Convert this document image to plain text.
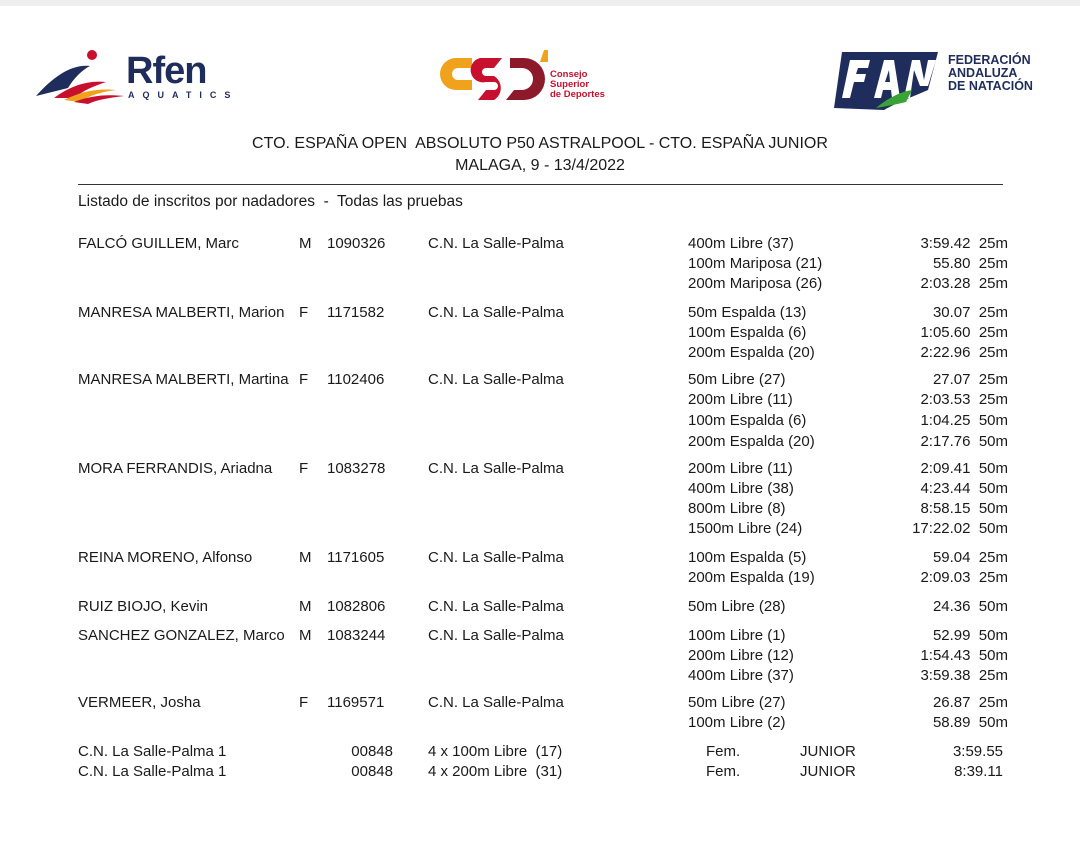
Rfen
AQUATICS
Consejo
Superior
de Deportes
FEDERACIÓN
ANDALUZA
DE NATACIÓN
CTO. ESPAÑA OPEN  ABSOLUTO P50 ASTRALPOOL - CTO. ESPAÑA JUNIOR
MALAGA, 9 - 13/4/2022
Listado de inscritos por nadadores  -  Todas las pruebas
FALCÓ GUILLEM, Marc	M 1090326	C.N. La Salle-Palma	400m Libre (37)	3:59.42  25m
100m Mariposa (21)	55.80  25m
200m Mariposa (26)	2:03.28  25m
MANRESA MALBERTI, Marion F 1171582	C.N. La Salle-Palma	50m Espalda (13)	30.07  25m
100m Espalda (6)	1:05.60  25m
200m Espalda (20)	2:22.96  25m
MANRESA MALBERTI, Martina F 1102406	C.N. La Salle-Palma	50m Libre (27)	27.07  25m
200m Libre (11)	2:03.53  25m
100m Espalda (6)	1:04.25  50m
200m Espalda (20)	2:17.76  50m
MORA FERRANDIS, Ariadna	F 1083278	C.N. La Salle-Palma	200m Libre (11)	2:09.41  50m
400m Libre (38)	4:23.44  50m
800m Libre (8)	8:58.15  50m
1500m Libre (24)	17:22.02  50m
REINA MORENO, Alfonso	M 1171605	C.N. La Salle-Palma	100m Espalda (5)	59.04  25m
200m Espalda (19)	2:09.03  25m
RUIZ BIOJO, Kevin	M 1082806	C.N. La Salle-Palma	50m Libre (28)	24.36  50m
SANCHEZ GONZALEZ, Marco M 1083244	C.N. La Salle-Palma	100m Libre (1)	52.99  50m
200m Libre (12)	1:54.43  50m
400m Libre (37)	3:59.38  25m
VERMEER, Josha	F 1169571	C.N. La Salle-Palma	50m Libre (27)	26.87  25m
100m Libre (2)	58.89  50m
C.N. La Salle-Palma 1	00848 4 x 100m Libre  (17)	Fem.	JUNIOR	3:59.55
C.N. La Salle-Palma 1	00848 4 x 200m Libre  (31)	Fem.	JUNIOR	8:39.11
